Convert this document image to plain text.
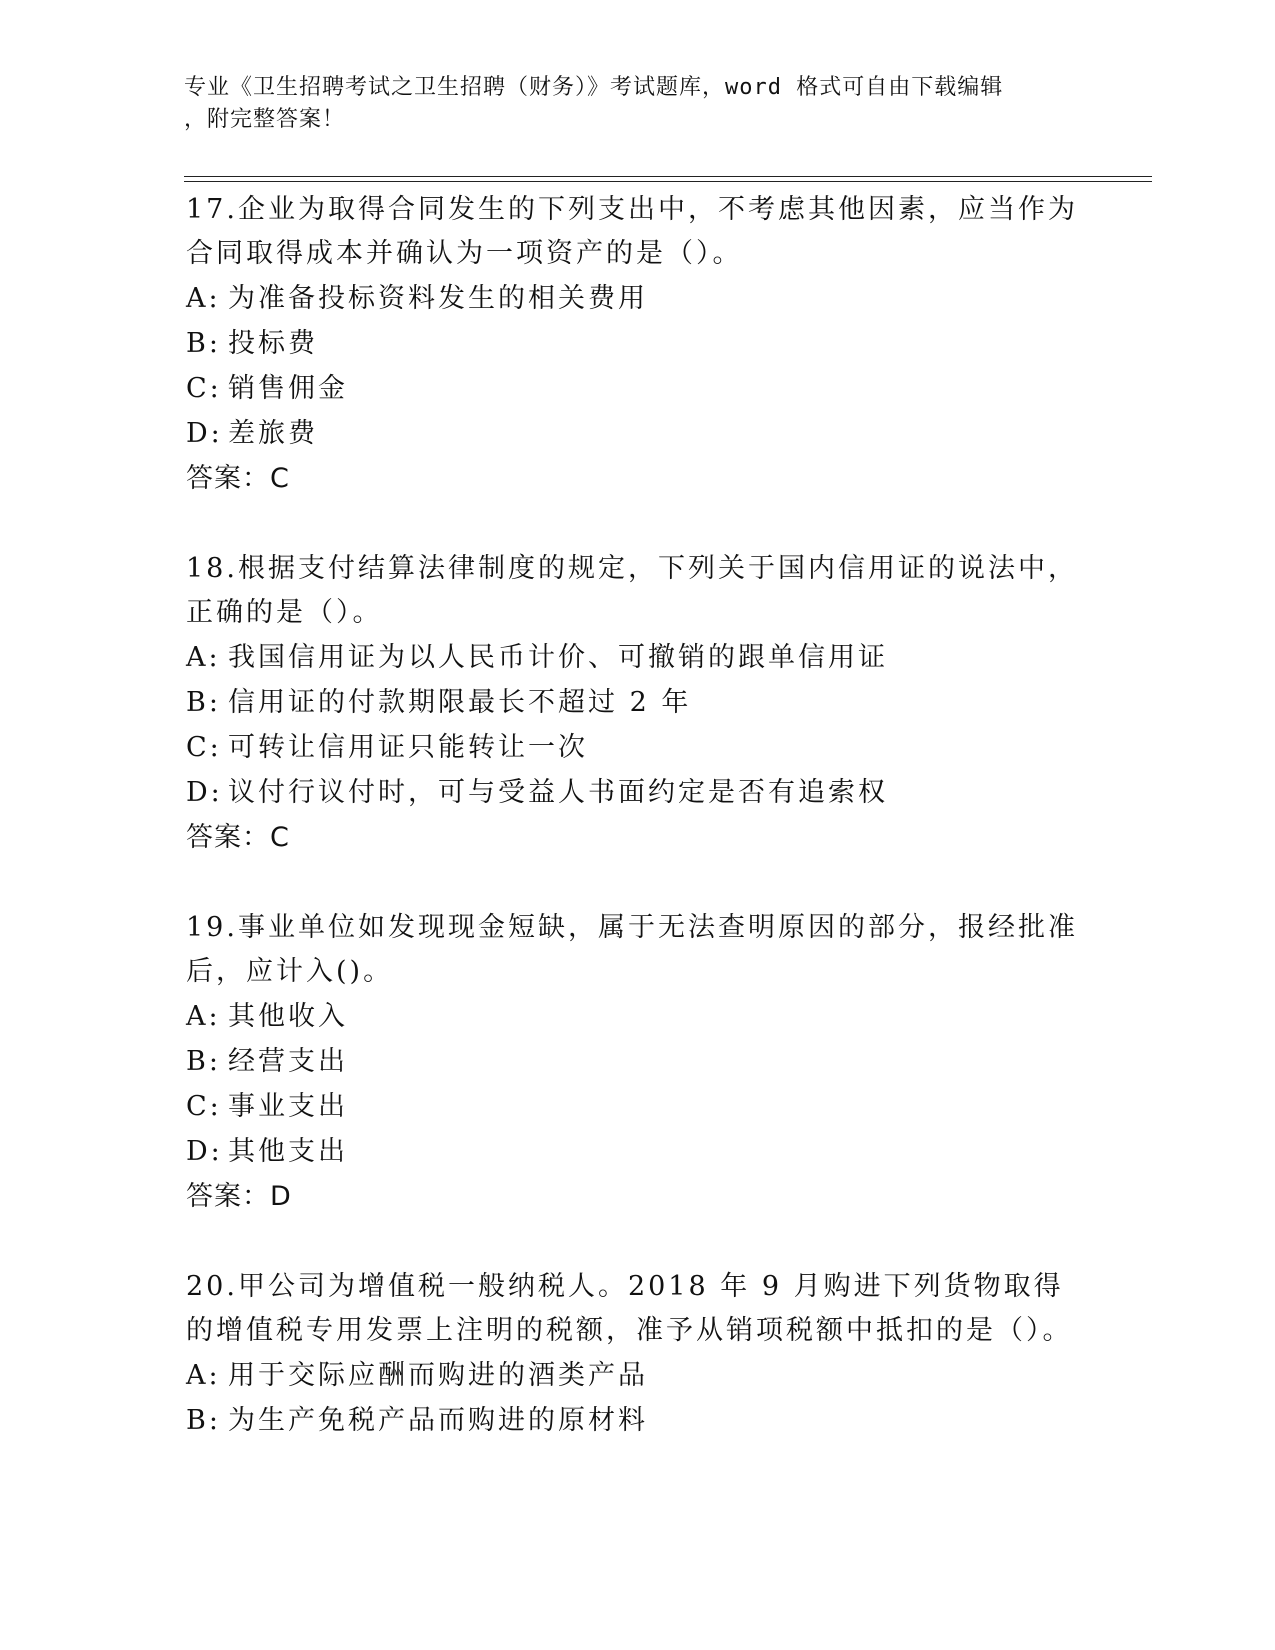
专业《卫生招聘考试之卫生招聘（财务）》考试题库，word 格式可自由下载编辑
，附完整答案！
17.企业为取得合同发生的下列支出中，不考虑其他因素，应当作为合同取得成本并确认为一项资产的是（）。
A: 为准备投标资料发生的相关费用
B: 投标费
C: 销售佣金
D: 差旅费
答案：C
18.根据支付结算法律制度的规定，下列关于国内信用证的说法中，正确的是（）。
A: 我国信用证为以人民币计价、可撤销的跟单信用证
B: 信用证的付款期限最长不超过 2 年
C: 可转让信用证只能转让一次
D: 议付行议付时，可与受益人书面约定是否有追索权
答案：C
19.事业单位如发现现金短缺，属于无法查明原因的部分，报经批准后，应计入()。
A: 其他收入
B: 经营支出
C: 事业支出
D: 其他支出
答案：D
20.甲公司为增值税一般纳税人。2018 年 9 月购进下列货物取得的增值税专用发票上注明的税额，准予从销项税额中抵扣的是（）。
A: 用于交际应酬而购进的酒类产品
B: 为生产免税产品而购进的原材料
